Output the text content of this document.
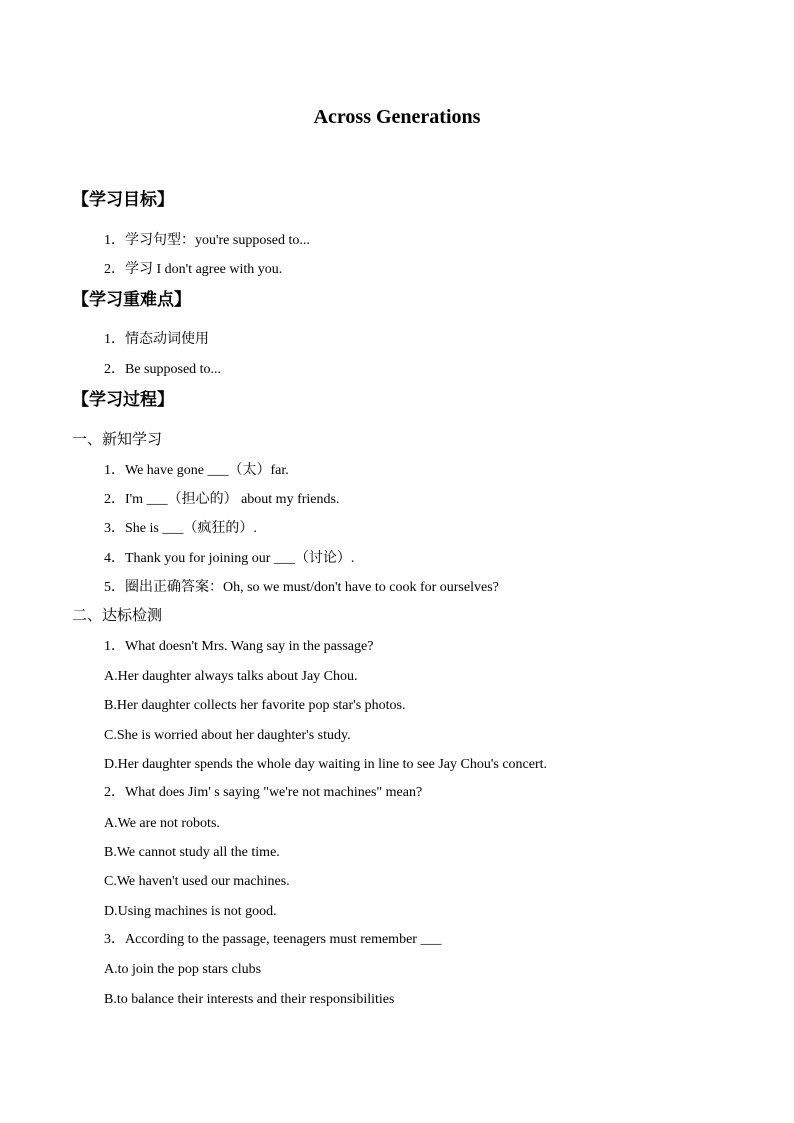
Across Generations
【学习目标】
1．学习句型：you're supposed to...
2．学习 I don't agree with you.
【学习重难点】
1．情态动词使用
2．Be supposed to...
【学习过程】
一、新知学习
1．We have gone ___（太）far.
2．I'm ___（担心的） about my friends.
3．She is ___（疯狂的）.
4．Thank you for joining our ___（讨论）.
5．圈出正确答案：Oh, so we must/don't have to cook for ourselves?
二、达标检测
1．What doesn't Mrs. Wang say in the passage?
A.Her daughter always talks about Jay Chou.
B.Her daughter collects her favorite pop star's photos.
C.She is worried about her daughter's study.
D.Her daughter spends the whole day waiting in line to see Jay Chou's concert.
2．What does Jim' s saying "we're not machines" mean?
A.We are not robots.
B.We cannot study all the time.
C.We haven't used our machines.
D.Using machines is not good.
3．According to the passage, teenagers must remember ___
A.to join the pop stars clubs
B.to balance their interests and their responsibilities
